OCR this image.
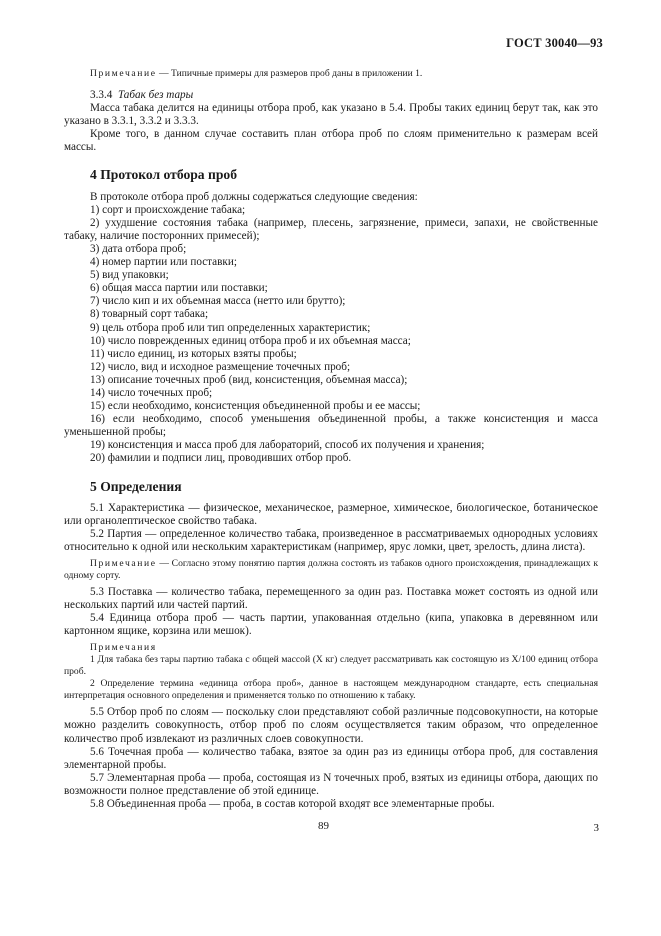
ГОСТ 30040—93

Примечание — Типичные примеры для размеров проб даны в приложении 1.

3.3.4 Табак без тары

Масса табака делится на единицы отбора проб, как указано в 5.4. Пробы таких единиц берут так, как это указано в 3.3.1, 3.3.2 и 3.3.3.

Кроме того, в данном случае составить план отбора проб по слоям применительно к размерам всей массы.

4 Протокол отбора проб

В протоколе отбора проб должны содержаться следующие сведения:

1) сорт и происхождение табака;

2) ухудшение состояния табака (например, плесень, загрязнение, примеси, запахи, не свойственные табаку, наличие посторонних примесей);

3) дата отбора проб;

4) номер партии или поставки;

5) вид упаковки;

6) общая масса партии или поставки;

7) число кип и их объемная масса (нетто или брутто);

8) товарный сорт табака;

9) цель отбора проб или тип определенных характеристик;

10) число поврежденных единиц отбора проб и их объемная масса;

11) число единиц, из которых взяты пробы;

12) число, вид и исходное размещение точечных проб;

13) описание точечных проб (вид, консистенция, объемная масса);

14) число точечных проб;

15) если необходимо, консистенция объединенной пробы и ее массы;

16) если необходимо, способ уменьшения объединенной пробы, а также консистенция и масса уменьшенной пробы;

19) консистенция и масса проб для лабораторий, способ их получения и хранения;

20) фамилии и подписи лиц, проводивших отбор проб.

5 Определения

5.1 Характеристика — физическое, механическое, размерное, химическое, биологическое, ботаническое или органолептическое свойство табака.

5.2 Партия — определенное количество табака, произведенное в рассматриваемых однородных условиях относительно к одной или нескольким характеристикам (например, ярус ломки, цвет, зрелость, длина листа).

Примечание — Согласно этому понятию партия должна состоять из табаков одного происхождения, принадлежащих к одному сорту.

5.3 Поставка — количество табака, перемещенного за один раз. Поставка может состоять из одной или нескольких партий или частей партий.

5.4 Единица отбора проб — часть партии, упакованная отдельно (кипа, упаковка в деревянном или картонном ящике, корзина или мешок).

Примечания

1 Для табака без тары партию табака с общей массой (X кг) следует рассматривать как состоящую из X/100 единиц отбора проб.

2 Определение термина «единица отбора проб», данное в настоящем международном стандарте, есть специальная интерпретация основного определения и применяется только по отношению к табаку.

5.5 Отбор проб по слоям — поскольку слои представляют собой различные подсовокупности, на которые можно разделить совокупность, отбор проб по слоям осуществляется таким образом, что определенное количество проб извлекают из различных слоев совокупности.

5.6 Точечная проба — количество табака, взятое за один раз из единицы отбора проб, для составления элементарной пробы.

5.7 Элементарная проба — проба, состоящая из N точечных проб, взятых из единицы отбора, дающих по возможности полное представление об этой единице.

5.8 Объединенная проба — проба, в состав которой входят все элементарные пробы.

89	3
